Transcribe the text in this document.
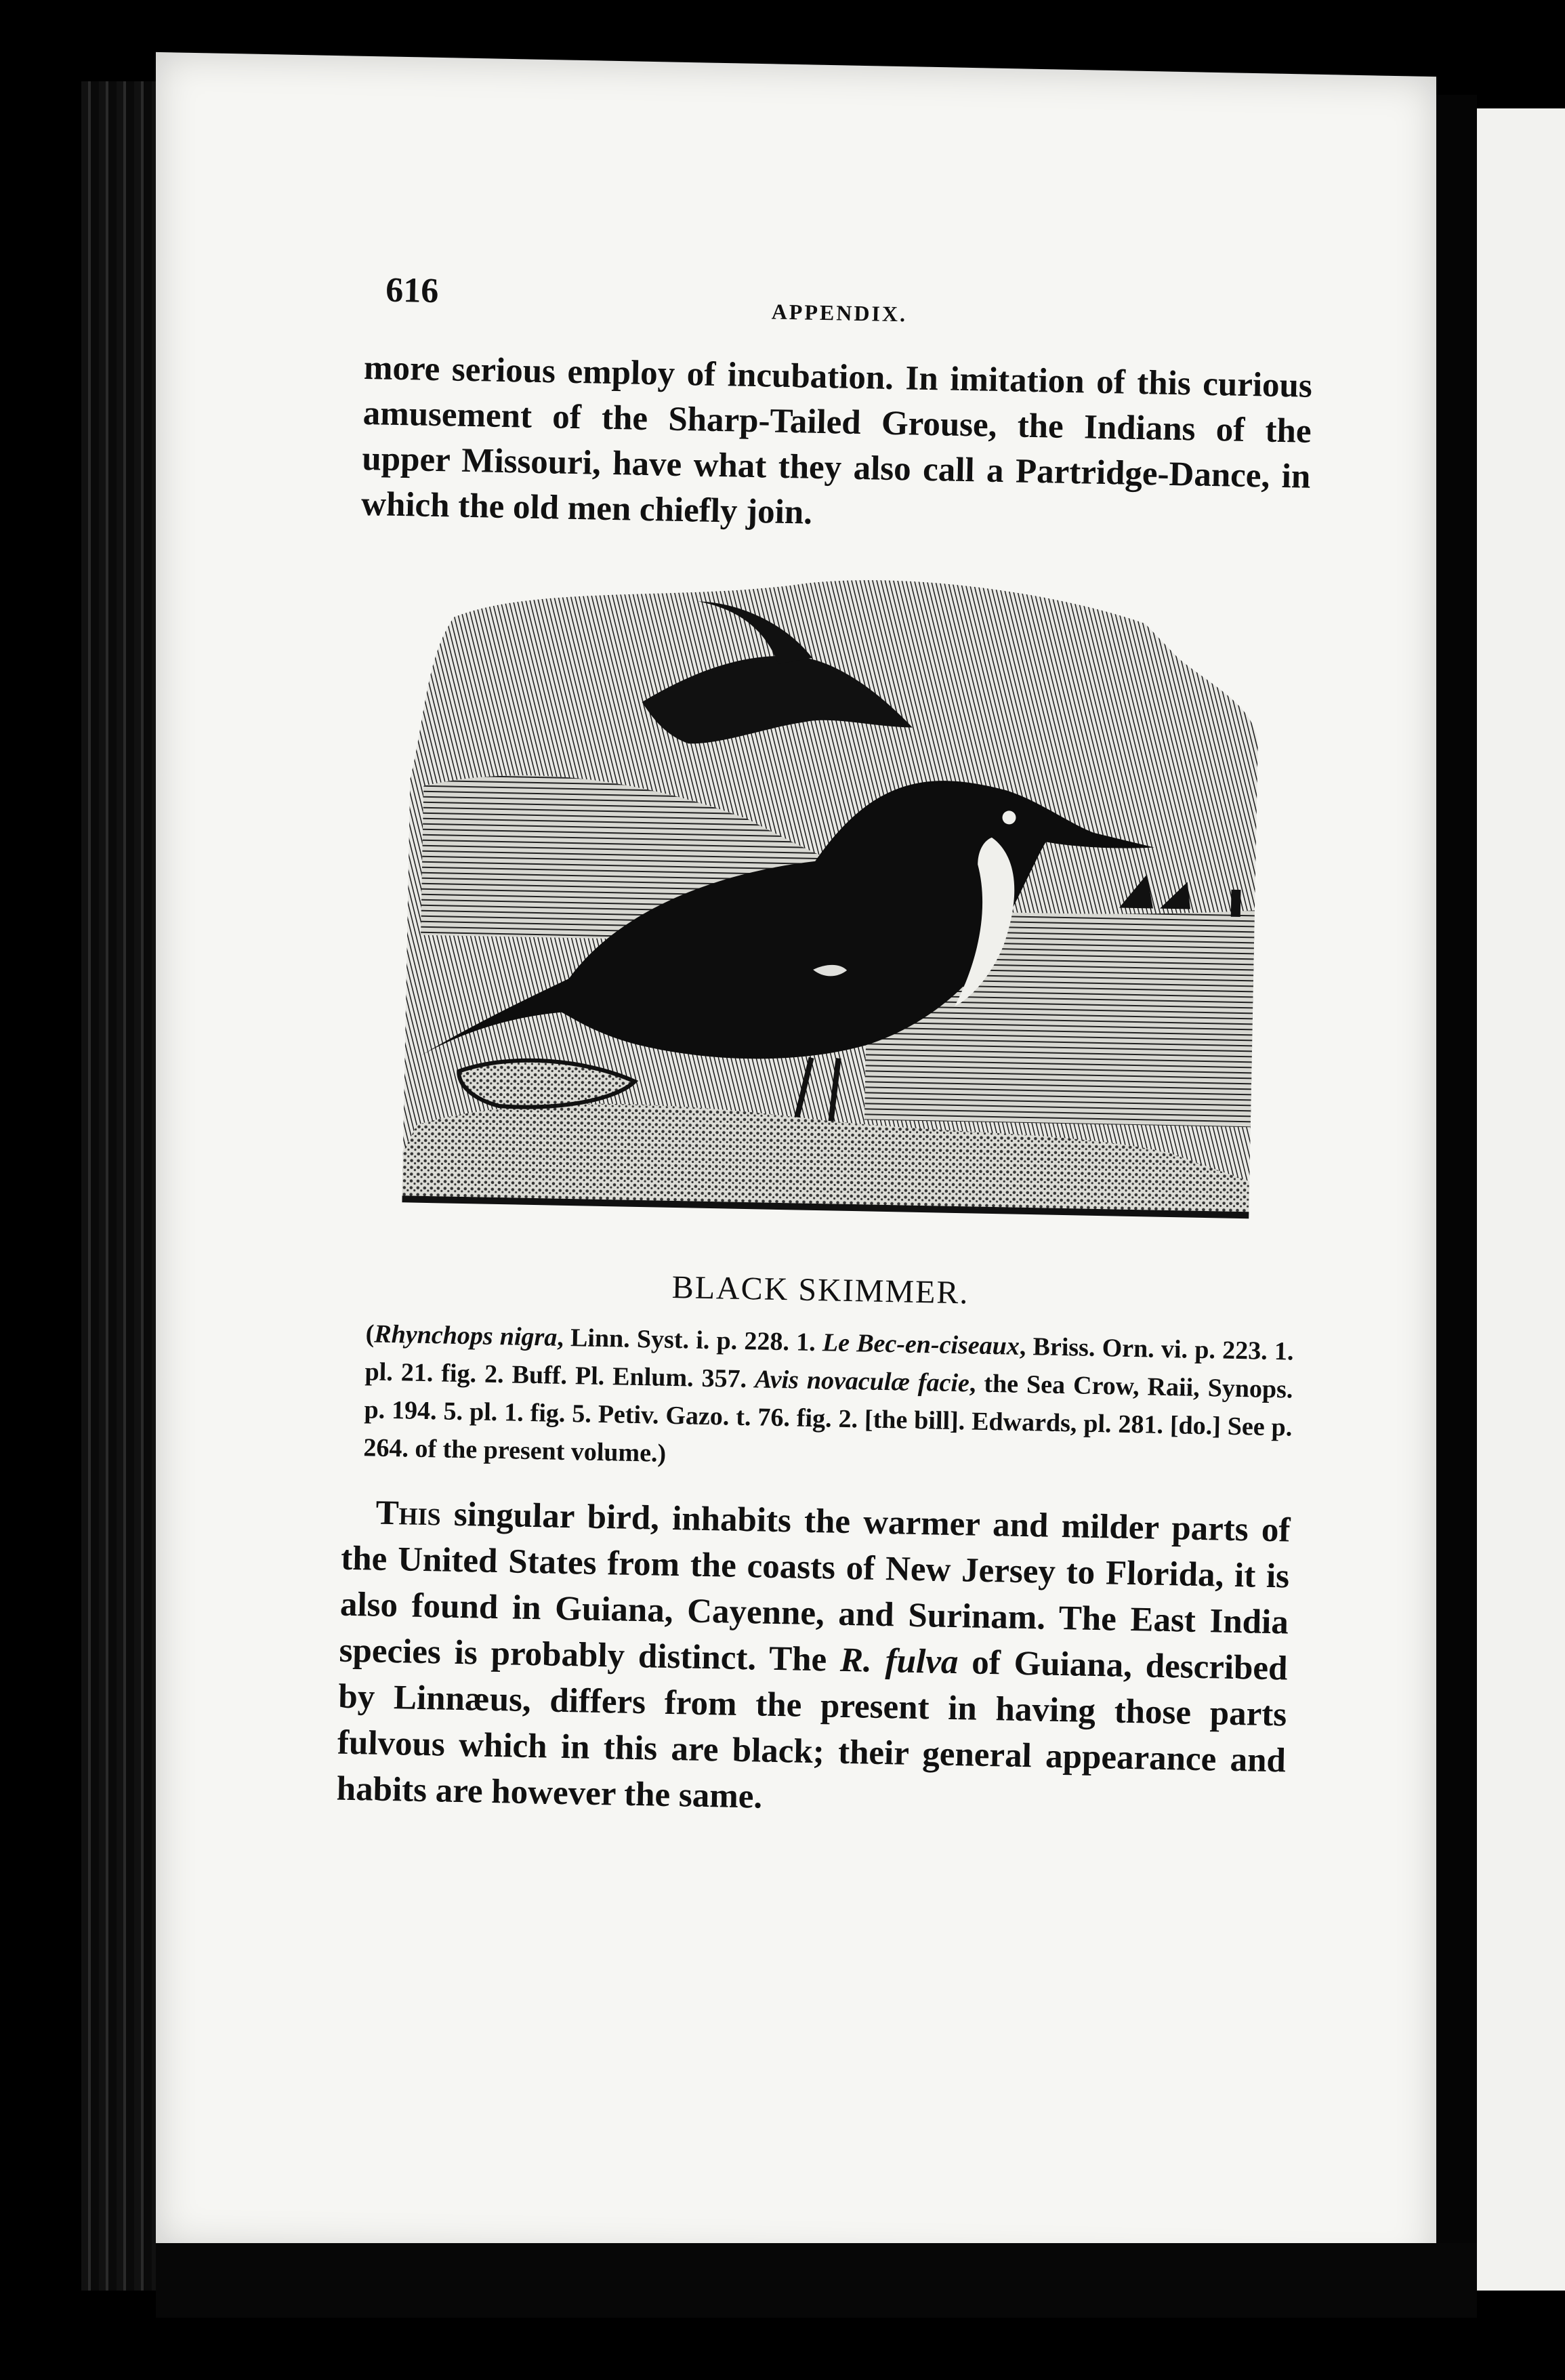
616
APPENDIX.

more serious employ of incubation. In imitation of this curious amusement of the Sharp-Tailed Grouse, the Indians of the upper Missouri, have what they also call a Partridge-Dance, in which the old men chiefly join.

BLACK SKIMMER.
(Rhynchops nigra, Linn. Syst. i. p. 228. 1. Le Bec-en-ciseaux, Briss. Orn. vi. p. 223. 1. pl. 21. fig. 2. Buff. Pl. Enlum. 357. Avis novaculæ facie, the Sea Crow, Raii, Synops. p. 194. 5. pl. 1. fig. 5. Petiv. Gazo. t. 76. fig. 2. [the bill]. Edwards, pl. 281. [do.] See p. 264. of the present volume.)
This singular bird, inhabits the warmer and milder parts of the United States from the coasts of New Jersey to Florida, it is also found in Guiana, Cayenne, and Surinam. The East India species is probably distinct. The R. fulva of Guiana, described by Linnæus, differs from the present in having those parts fulvous which in this are black; their general appearance and habits are however the same.
